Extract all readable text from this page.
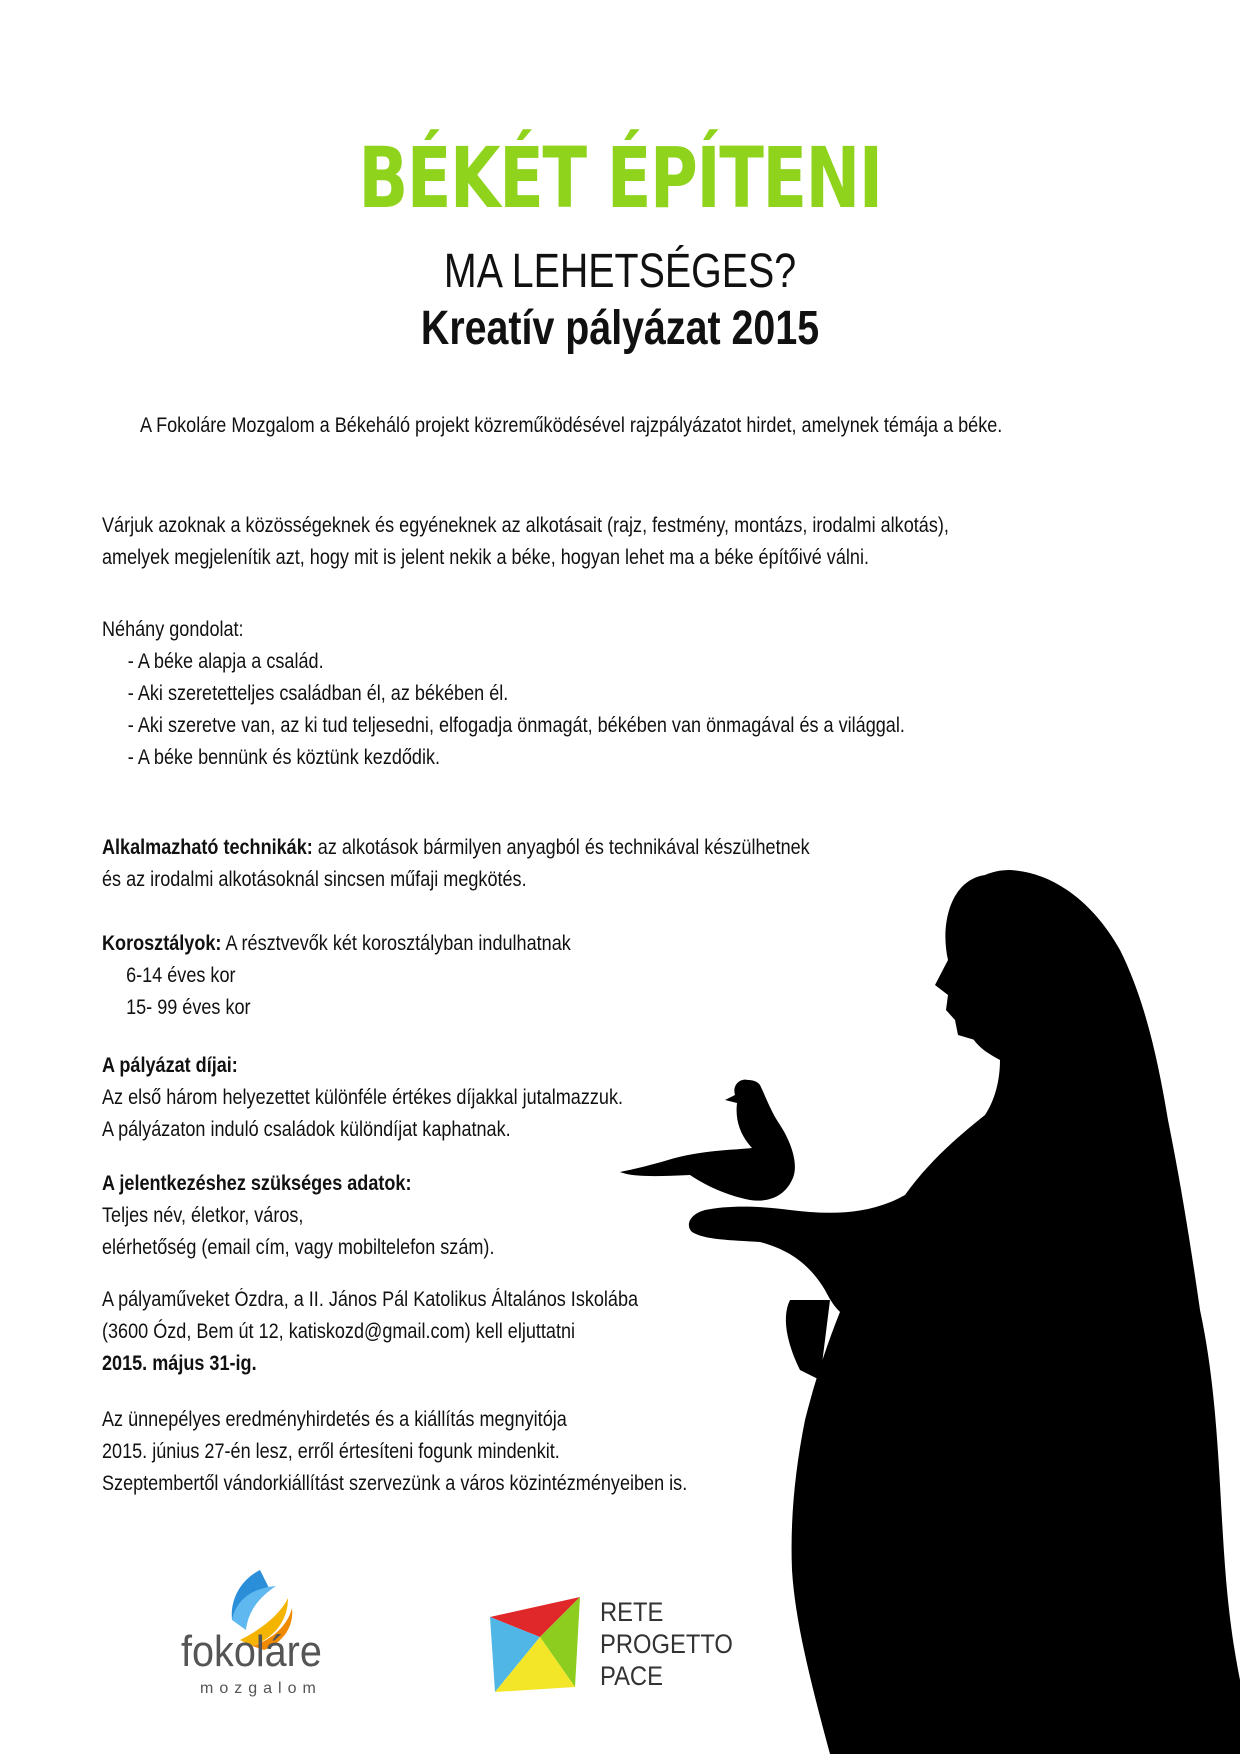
BÉKÉT ÉPÍTENI
MA LEHETSÉGES?
Kreatív pályázat 2015
A Fokoláre Mozgalom a Békeháló projekt közreműködésével rajzpályázatot hirdet, amelynek témája a béke.
Várjuk azoknak a közösségeknek és egyéneknek az alkotásait (rajz, festmény, montázs, irodalmi alkotás),
amelyek megjelenítik azt, hogy mit is jelent nekik a béke, hogyan lehet ma a béke építőivé válni.
Néhány gondolat:
- A béke alapja a család.
- Aki szeretetteljes családban él, az békében él.
- Aki szeretve van, az ki tud teljesedni, elfogadja önmagát, békében van önmagával és a világgal.
- A béke bennünk és köztünk kezdődik.
Alkalmazható technikák: az alkotások bármilyen anyagból és technikával készülhetnek
és az irodalmi alkotásoknál sincsen műfaji megkötés.
Korosztályok: A résztvevők két korosztályban indulhatnak
6-14 éves kor
15- 99 éves kor
A pályázat díjai:
Az első három helyezettet különféle értékes díjakkal jutalmazzuk.
A pályázaton induló családok különdíjat kaphatnak.
A jelentkezéshez szükséges adatok:
Teljes név, életkor, város,
elérhetőség (email cím, vagy mobiltelefon szám).
A pályaműveket Ózdra, a II. János Pál Katolikus Általános Iskolába
(3600 Ózd, Bem út 12, katiskozd@gmail.com) kell eljuttatni
2015. május 31-ig.
Az ünnepélyes eredményhirdetés és a kiállítás megnyitója
2015. június 27-én lesz, erről értesíteni fogunk mindenkit.
Szeptembertől vándorkiállítást szervezünk a város közintézményeiben is.
fokoláre
mozgalom
RETE
PROGETTO
PACE
